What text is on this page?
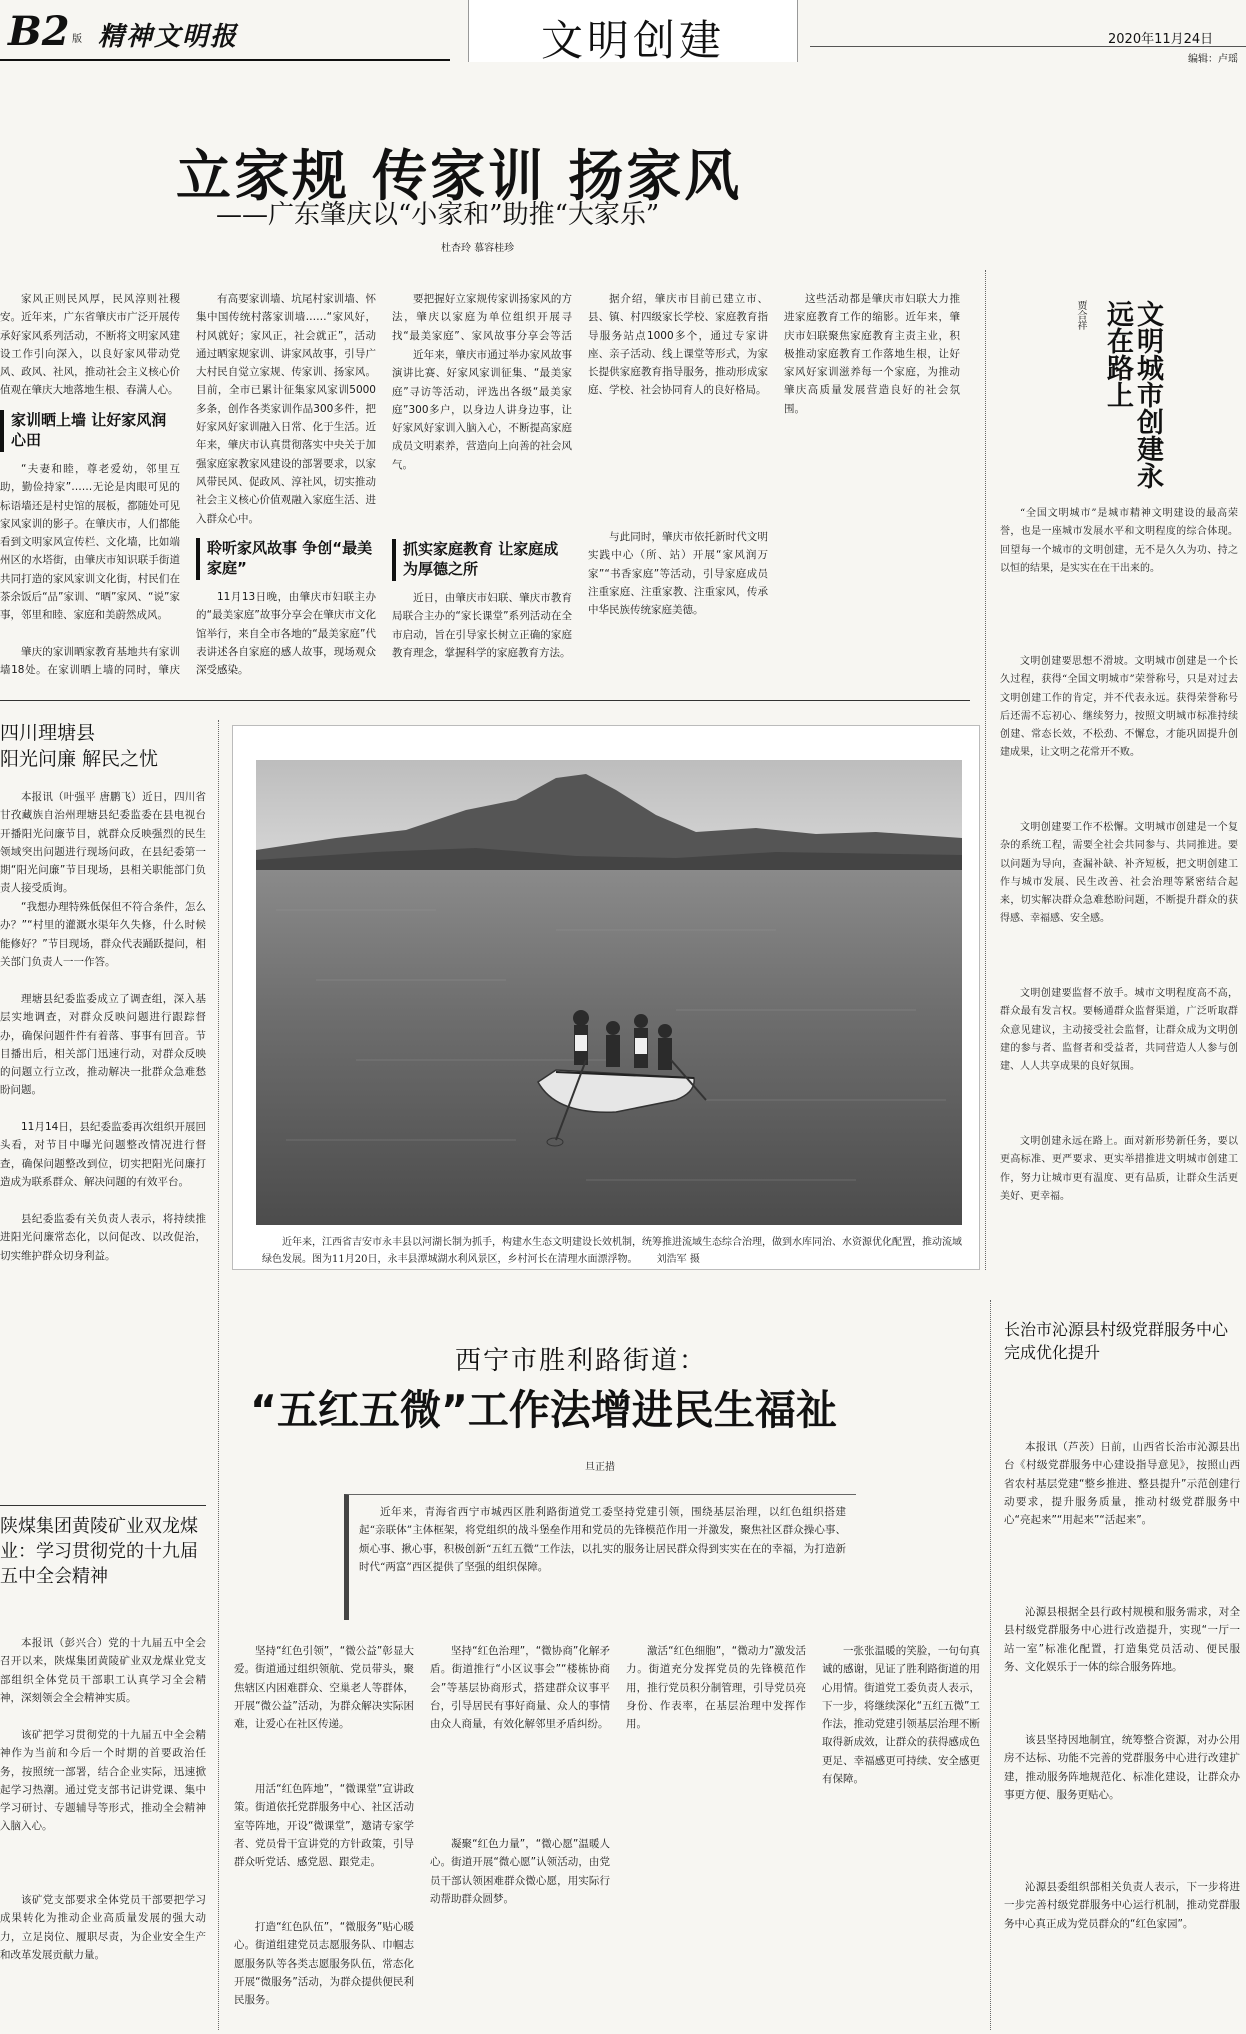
B2 版 精神文明报	文明创建	2020年11月24日
编辑：卢瑶
立家规 传家训 扬家风
——广东肇庆以“小家和”助推“大家乐”
杜杏玲 慕容桂珍
家风正则民风厚，民风淳则社稷安。近年来，广东省肇庆市广泛开展传承好家风系列活动，不断将文明家风建设工作引向深入，以良好家风带动党风、政风、社风，推动社会主义核心价值观在肇庆大地落地生根、春满人心。
家训晒上墙 让好家风润心田
“夫妻和睦，尊老爱幼，邻里互助，勤俭持家”……无论是肉眼可见的标语墙还是村史馆的展板，都随处可见家风家训的影子。在肇庆市，人们都能看到文明家风宣传栏、文化墙，比如端州区的水塔街，由肇庆市知识联手街道共同打造的家风家训文化街，村民们在茶余饭后“品”家训、“晒”家风、“说”家事，邻里和睦、家庭和美蔚然成风。
肇庆的家训晒家教育基地共有家训墙18处。在家训晒上墙的同时，肇庆
有高要家训墙、坑尾村家训墙、怀集中国传统村落家训墙……“家风好，村风就好；家风正，社会就正”，活动通过晒家规家训、讲家风故事，引导广大村民自觉立家规、传家训、扬家风。目前，全市已累计征集家风家训5000多条，创作各类家训作品300多件，把好家风好家训融入日常、化于生活。近年来，肇庆市认真贯彻落实中央关于加强家庭家教家风建设的部署要求，以家风带民风、促政风、淳社风，切实推动社会主义核心价值观融入家庭生活、进入群众心中。
聆听家风故事 争创“最美家庭”
11月13日晚，由肇庆市妇联主办的“最美家庭”故事分享会在肇庆市文化馆举行，来自全市各地的“最美家庭”代表讲述各自家庭的感人故事，现场观众深受感染。
要把握好立家规传家训扬家风的方法，肇庆以家庭为单位组织开展寻找“最美家庭”、家风故事分享会等活
近年来，肇庆市通过举办家风故事演讲比赛、好家风家训征集、“最美家庭”寻访等活动，评选出各级“最美家庭”300多户，以身边人讲身边事，让好家风好家训入脑入心，不断提高家庭成员文明素养，营造向上向善的社会风气。
抓实家庭教育 让家庭成为厚德之所
近日，由肇庆市妇联、肇庆市教育局联合主办的“家长课堂”系列活动在全市启动，旨在引导家长树立正确的家庭教育理念，掌握科学的家庭教育方法。
据介绍，肇庆市目前已建立市、县、镇、村四级家长学校、家庭教育指导服务站点1000多个，通过专家讲座、亲子活动、线上课堂等形式，为家长提供家庭教育指导服务，推动形成家庭、学校、社会协同育人的良好格局。
与此同时，肇庆市依托新时代文明实践中心（所、站）开展“家风润万家”“书香家庭”等活动，引导家庭成员注重家庭、注重家教、注重家风，传承中华民族传统家庭美德。
这些活动都是肇庆市妇联大力推进家庭教育工作的缩影。近年来，肇庆市妇联聚焦家庭教育主责主业，积极推动家庭教育工作落地生根，让好家风好家训滋养每一个家庭，为推动肇庆高质量发展营造良好的社会氛围。	文明城市创建永远在路上
贾合祥
“全国文明城市”是城市精神文明建设的最高荣誉，也是一座城市发展水平和文明程度的综合体现。回望每一个城市的文明创建，无不是久久为功、持之以恒的结果，是实实在在干出来的。
文明创建要思想不滑坡。文明城市创建是一个长久过程，获得“全国文明城市”荣誉称号，只是对过去文明创建工作的肯定，并不代表永远。获得荣誉称号后还需不忘初心、继续努力，按照文明城市标准持续创建、常态长效，不松劲、不懈怠，才能巩固提升创建成果，让文明之花常开不败。
文明创建要工作不松懈。文明城市创建是一个复杂的系统工程，需要全社会共同参与、共同推进。要以问题为导向，查漏补缺、补齐短板，把文明创建工作与城市发展、民生改善、社会治理等紧密结合起来，切实解决群众急难愁盼问题，不断提升群众的获得感、幸福感、安全感。
文明创建要监督不放手。城市文明程度高不高，群众最有发言权。要畅通群众监督渠道，广泛听取群众意见建议，主动接受社会监督，让群众成为文明创建的参与者、监督者和受益者，共同营造人人参与创建、人人共享成果的良好氛围。
文明创建永远在路上。面对新形势新任务，要以更高标准、更严要求、更实举措推进文明城市创建工作，努力让城市更有温度、更有品质，让群众生活更美好、更幸福。
四川理塘县
阳光问廉 解民之忧
本报讯（叶强平 唐鹏飞）近日，四川省甘孜藏族自治州理塘县纪委监委在县电视台开播阳光问廉节目，就群众反映强烈的民生领域突出问题进行现场问政，在县纪委第一期“阳光问廉”节目现场，县相关职能部门负责人接受质询。
“我想办理特殊低保但不符合条件，怎么办？”“村里的灌溉水渠年久失修，什么时候能修好？”节目现场，群众代表踊跃提问，相关部门负责人一一作答。
理塘县纪委监委成立了调查组，深入基层实地调查，对群众反映问题进行跟踪督办，确保问题件件有着落、事事有回音。节目播出后，相关部门迅速行动，对群众反映的问题立行立改，推动解决一批群众急难愁盼问题。
11月14日，县纪委监委再次组织开展回头看，对节目中曝光问题整改情况进行督查，确保问题整改到位，切实把阳光问廉打造成为联系群众、解决问题的有效平台。
县纪委监委有关负责人表示，将持续推进阳光问廉常态化，以问促改、以改促治，切实维护群众切身利益。
近年来，江西省吉安市永丰县以河湖长制为抓手，构建水生态文明建设长效机制，统筹推进流域生态综合治理，做到水库同治、水资源优化配置，推动流域绿色发展。图为11月20日，永丰县潭城湖水利风景区，乡村河长在清理水面漂浮物。 刘浩军 摄
西宁市胜利路街道：
“五红五微”工作法增进民生福祉
旦正措
近年来，青海省西宁市城西区胜利路街道党工委坚持党建引领，围绕基层治理，以红色组织搭建起“亲联体”主体框架，将党组织的战斗堡垒作用和党员的先锋模范作用一并激发，聚焦社区群众操心事、烦心事、揪心事，积极创新“五红五微”工作法，以扎实的服务让居民群众得到实实在在的幸福，为打造新时代“两富”西区提供了坚强的组织保障。
坚持“红色引领”，“微公益”彰显大爱。街道通过组织领航、党员带头，聚焦辖区内困难群众、空巢老人等群体，开展“微公益”活动，为群众解决实际困难，让爱心在社区传递。
用活“红色阵地”，“微课堂”宣讲政策。街道依托党群服务中心、社区活动室等阵地，开设“微课堂”，邀请专家学者、党员骨干宣讲党的方针政策，引导群众听党话、感党恩、跟党走。
打造“红色队伍”，“微服务”贴心暖心。街道组建党员志愿服务队、巾帼志愿服务队等各类志愿服务队伍，常态化开展“微服务”活动，为群众提供便民利民服务。
坚持“红色治理”，“微协商”化解矛盾。街道推行“小区议事会”“楼栋协商会”等基层协商形式，搭建群众议事平台，引导居民有事好商量、众人的事情由众人商量，有效化解邻里矛盾纠纷。
凝聚“红色力量”，“微心愿”温暖人心。街道开展“微心愿”认领活动，由党员干部认领困难群众微心愿，用实际行动帮助群众圆梦。
激活“红色细胞”，“微动力”激发活力。街道充分发挥党员的先锋模范作用，推行党员积分制管理，引导党员亮身份、作表率，在基层治理中发挥作用。
一张张温暖的笑脸，一句句真诚的感谢，见证了胜利路街道的用心用情。街道党工委负责人表示，下一步，将继续深化“五红五微”工作法，推动党建引领基层治理不断取得新成效，让群众的获得感成色更足、幸福感更可持续、安全感更有保障。
陕煤集团黄陵矿业双龙煤业：学习贯彻党的十九届五中全会精神
本报讯（彭兴合）党的十九届五中全会召开以来，陕煤集团黄陵矿业双龙煤业党支部组织全体党员干部职工认真学习全会精神，深刻领会全会精神实质。
该矿把学习贯彻党的十九届五中全会精神作为当前和今后一个时期的首要政治任务，按照统一部署，结合企业实际，迅速掀起学习热潮。通过党支部书记讲党课、集中学习研讨、专题辅导等形式，推动全会精神入脑入心。
该矿党支部要求全体党员干部要把学习成果转化为推动企业高质量发展的强大动力，立足岗位、履职尽责，为企业安全生产和改革发展贡献力量。
长治市沁源县村级党群服务中心完成优化提升
本报讯（芦茨）日前，山西省长治市沁源县出台《村级党群服务中心建设指导意见》，按照山西省农村基层党建“整乡推进、整县提升”示范创建行动要求，提升服务质量，推动村级党群服务中心“亮起来”“用起来”“活起来”。
沁源县根据全县行政村规模和服务需求，对全县村级党群服务中心进行改造提升，实现“一厅一站一室”标准化配置，打造集党员活动、便民服务、文化娱乐于一体的综合服务阵地。
该县坚持因地制宜，统筹整合资源，对办公用房不达标、功能不完善的党群服务中心进行改建扩建，推动服务阵地规范化、标准化建设，让群众办事更方便、服务更贴心。
沁源县委组织部相关负责人表示，下一步将进一步完善村级党群服务中心运行机制，推动党群服务中心真正成为党员群众的“红色家园”。
